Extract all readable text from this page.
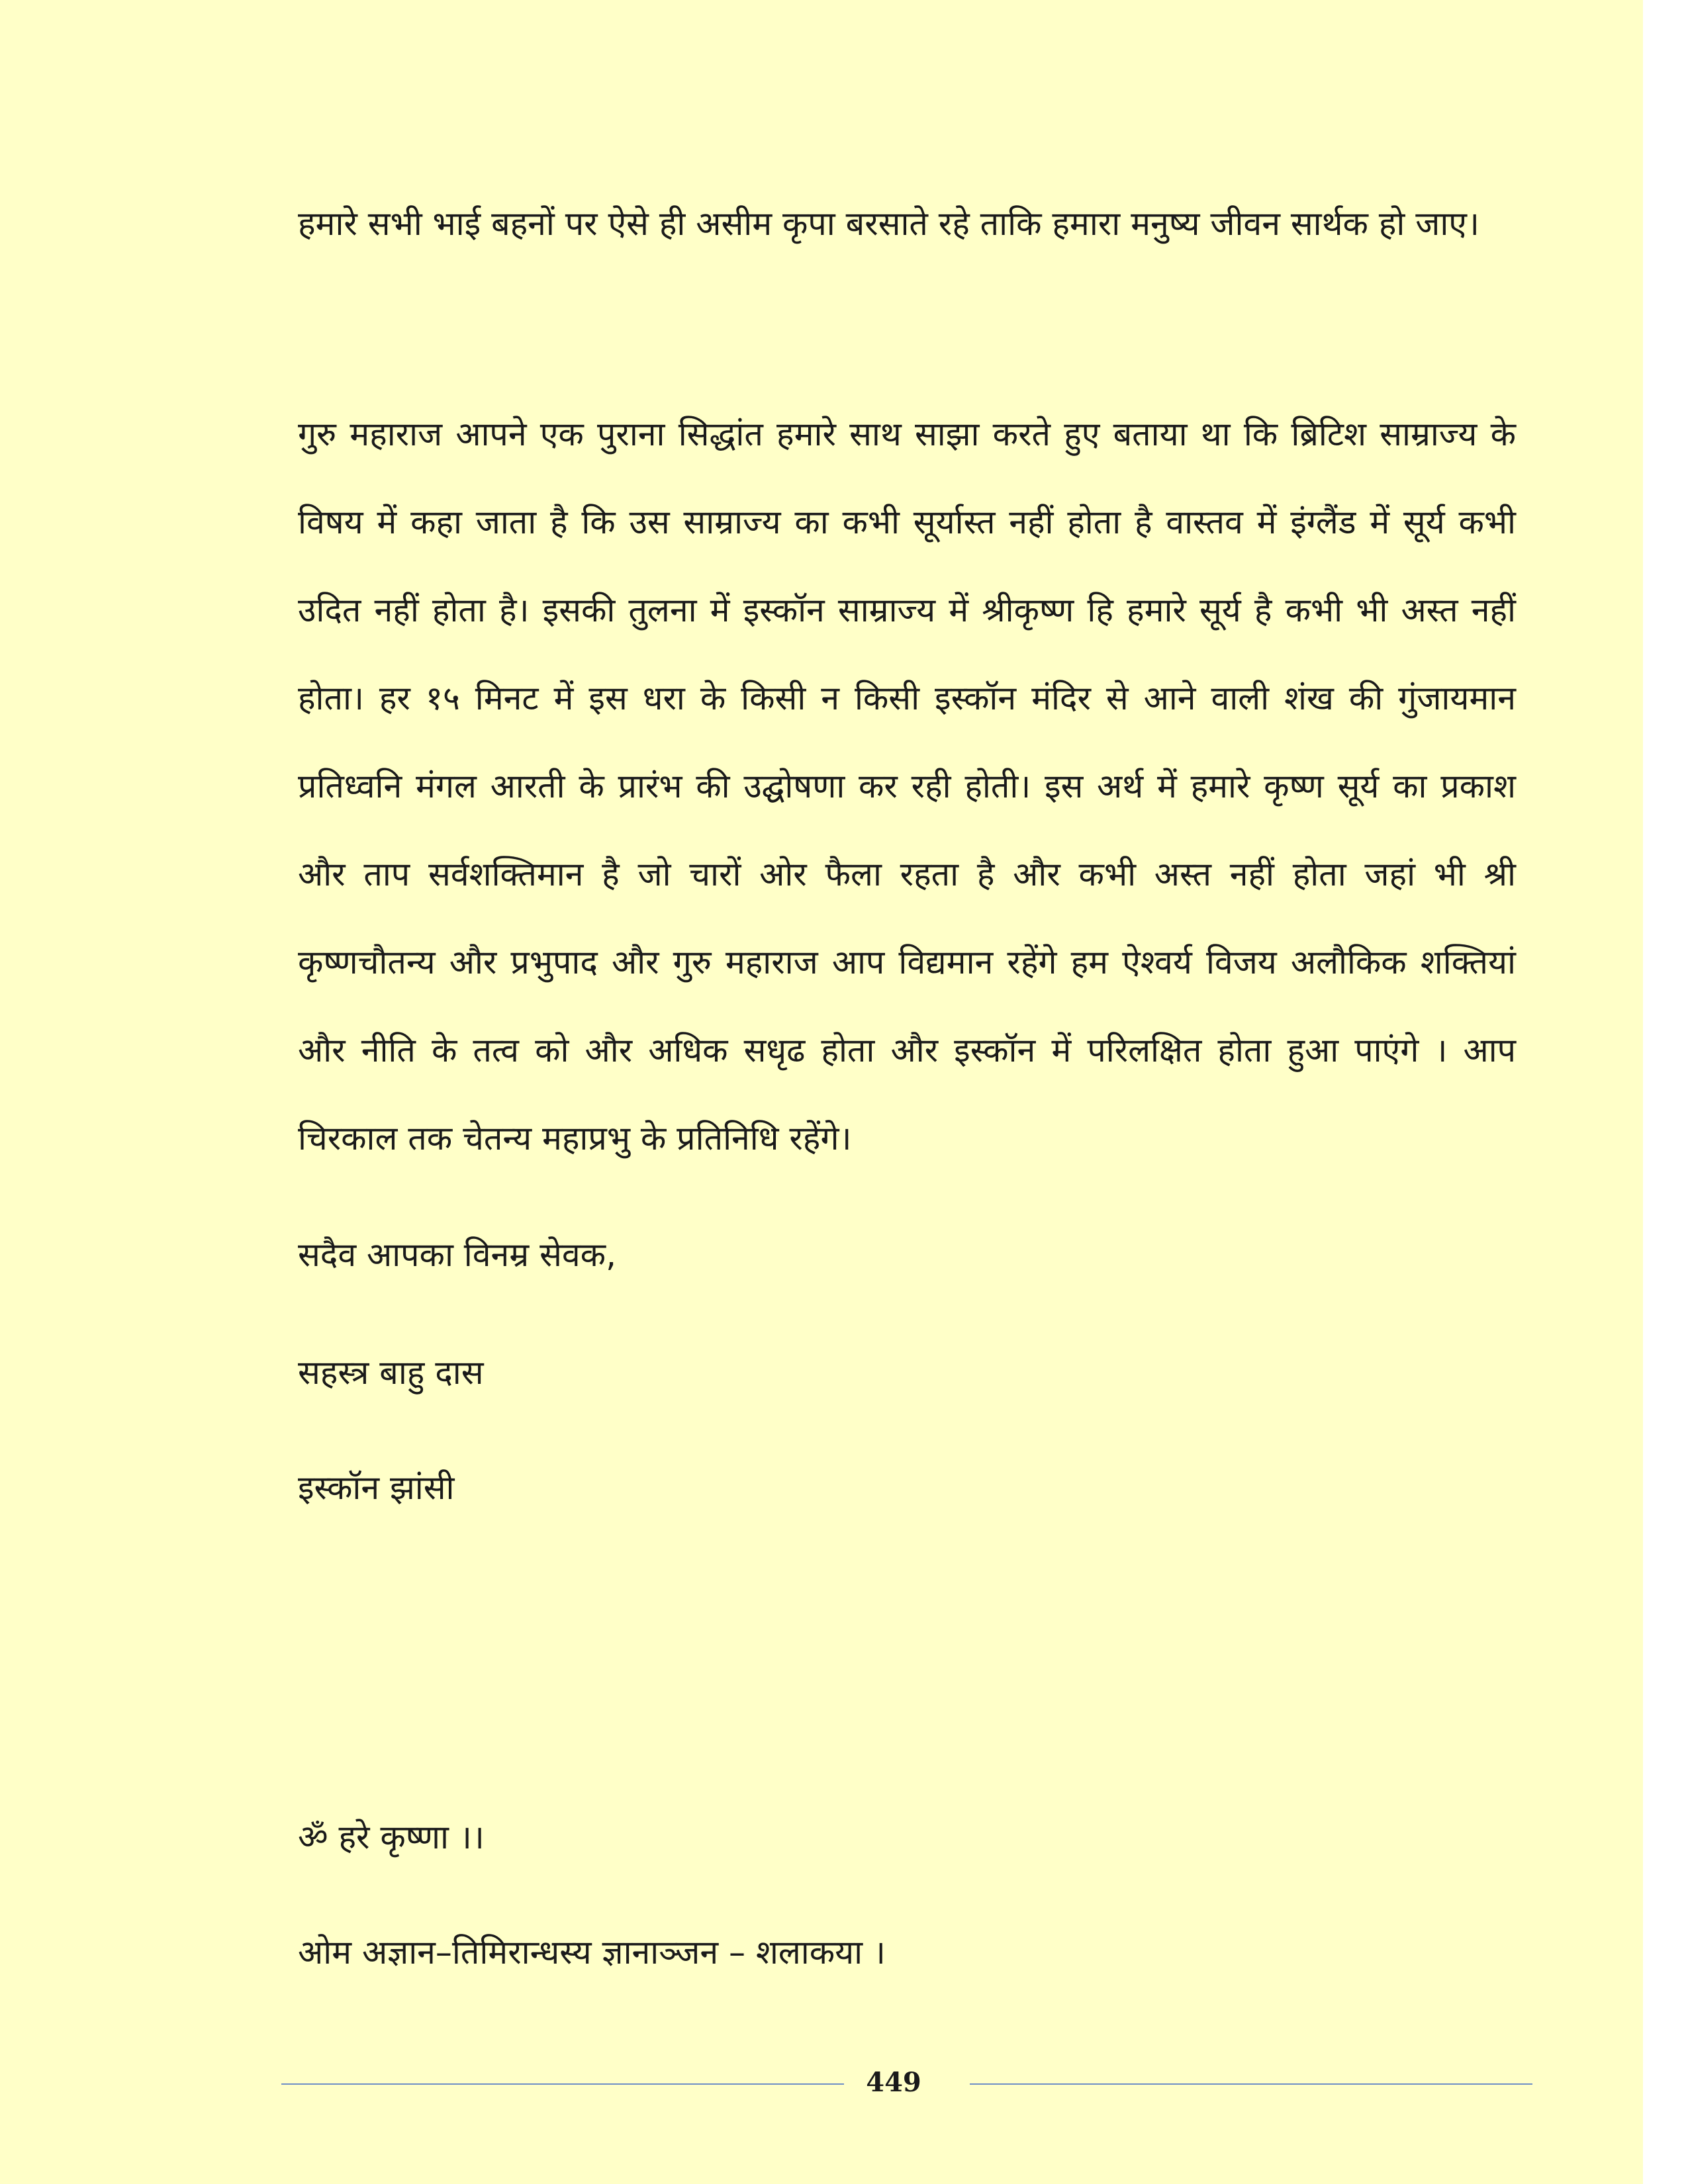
हमारे सभी भाई बहनों पर ऐसे ही असीम कृपा बरसाते रहे ताकि हमारा मनुष्य जीवन सार्थक हो जाए।

गुरु महाराज आपने एक पुराना सिद्धांत हमारे साथ साझा करते हुए बताया था कि ब्रिटिश साम्राज्य के विषय में कहा जाता है कि उस साम्राज्य का कभी सूर्यास्त नहीं होता है वास्तव में इंग्लैंड में सूर्य कभी उदित नहीं होता है। इसकी तुलना में इस्कॉन साम्राज्य में श्रीकृष्ण हि हमारे सूर्य है कभी भी अस्त नहीं होता। हर १५ मिनट में इस धरा के किसी न किसी इस्कॉन मंदिर से आने वाली शंख की गुंजायमान प्रतिध्वनि मंगल आरती के प्रारंभ की उद्घोषणा कर रही होती। इस अर्थ में हमारे कृष्ण सूर्य का प्रकाश और ताप सर्वशक्तिमान है जो चारों ओर फैला रहता है और कभी अस्त नहीं होता जहां भी श्री कृष्णचौतन्य और प्रभुपाद और गुरु महाराज आप विद्यमान रहेंगे हम ऐश्वर्य विजय अलौकिक शक्तियां और नीति के तत्व को और अधिक सधृढ होता और इस्कॉन में परिलक्षित होता हुआ पाएंगे । आप चिरकाल तक चेतन्य महाप्रभु के प्रतिनिधि रहेंगे।

सदैव आपका विनम्र सेवक,
सहस्त्र बाहु दास
इस्कॉन झांसी
ॐ हरे कृष्णा ।।
ओम अज्ञान–तिमिरान्धस्य ज्ञानाञ्जन – शलाकया ।
449
